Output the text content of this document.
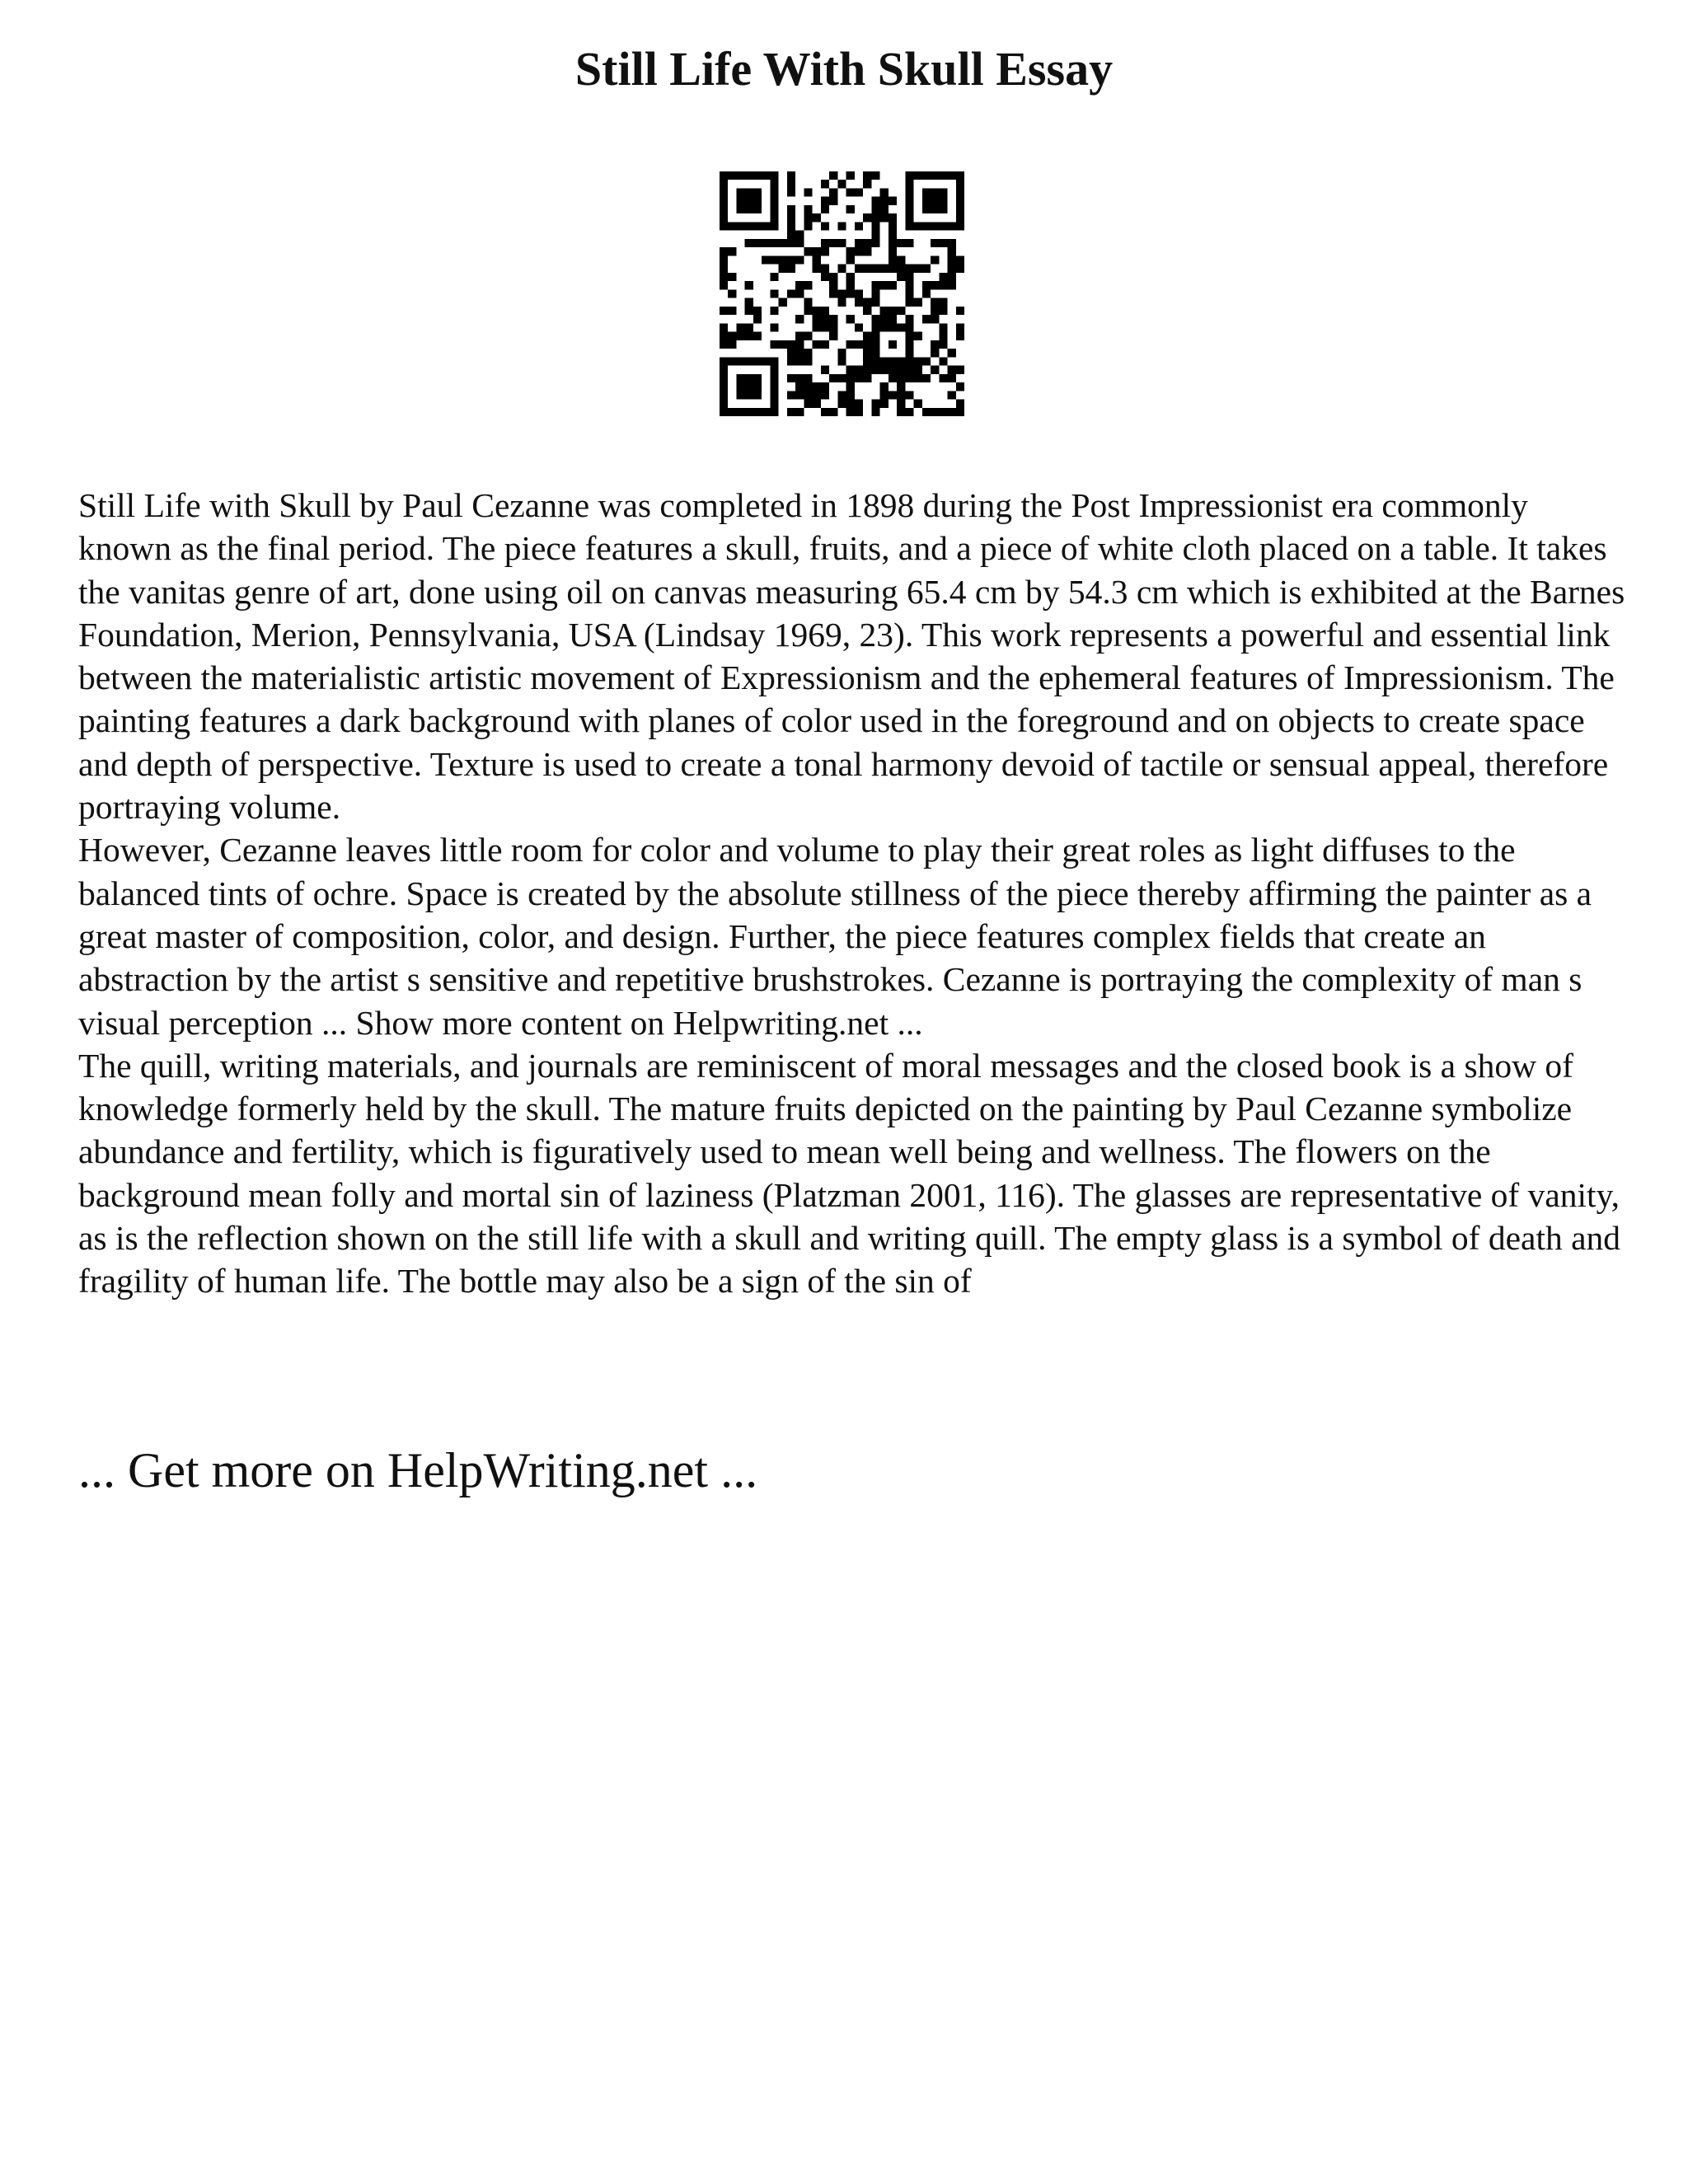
Still Life With Skull Essay

Still Life with Skull by Paul Cezanne was completed in 1898 during the Post Impressionist era commonly known as the final period. The piece features a skull, fruits, and a piece of white cloth placed on a table. It takes the vanitas genre of art, done using oil on canvas measuring 65.4 cm by 54.3 cm which is exhibited at the Barnes Foundation, Merion, Pennsylvania, USA (Lindsay 1969, 23). This work represents a powerful and essential link between the materialistic artistic movement of Expressionism and the ephemeral features of Impressionism. The painting features a dark background with planes of color used in the foreground and on objects to create space and depth of perspective. Texture is used to create a tonal harmony devoid of tactile or sensual appeal, therefore portraying volume.

However, Cezanne leaves little room for color and volume to play their great roles as light diffuses to the balanced tints of ochre. Space is created by the absolute stillness of the piece thereby affirming the painter as a great master of composition, color, and design. Further, the piece features complex fields that create an abstraction by the artist s sensitive and repetitive brushstrokes. Cezanne is portraying the complexity of man s visual perception ... Show more content on Helpwriting.net ...

The quill, writing materials, and journals are reminiscent of moral messages and the closed book is a show of knowledge formerly held by the skull. The mature fruits depicted on the painting by Paul Cezanne symbolize abundance and fertility, which is figuratively used to mean well being and wellness. The flowers on the background mean folly and mortal sin of laziness (Platzman 2001, 116). The glasses are representative of vanity, as is the reflection shown on the still life with a skull and writing quill. The empty glass is a symbol of death and fragility of human life. The bottle may also be a sign of the sin of

... Get more on HelpWriting.net ...
